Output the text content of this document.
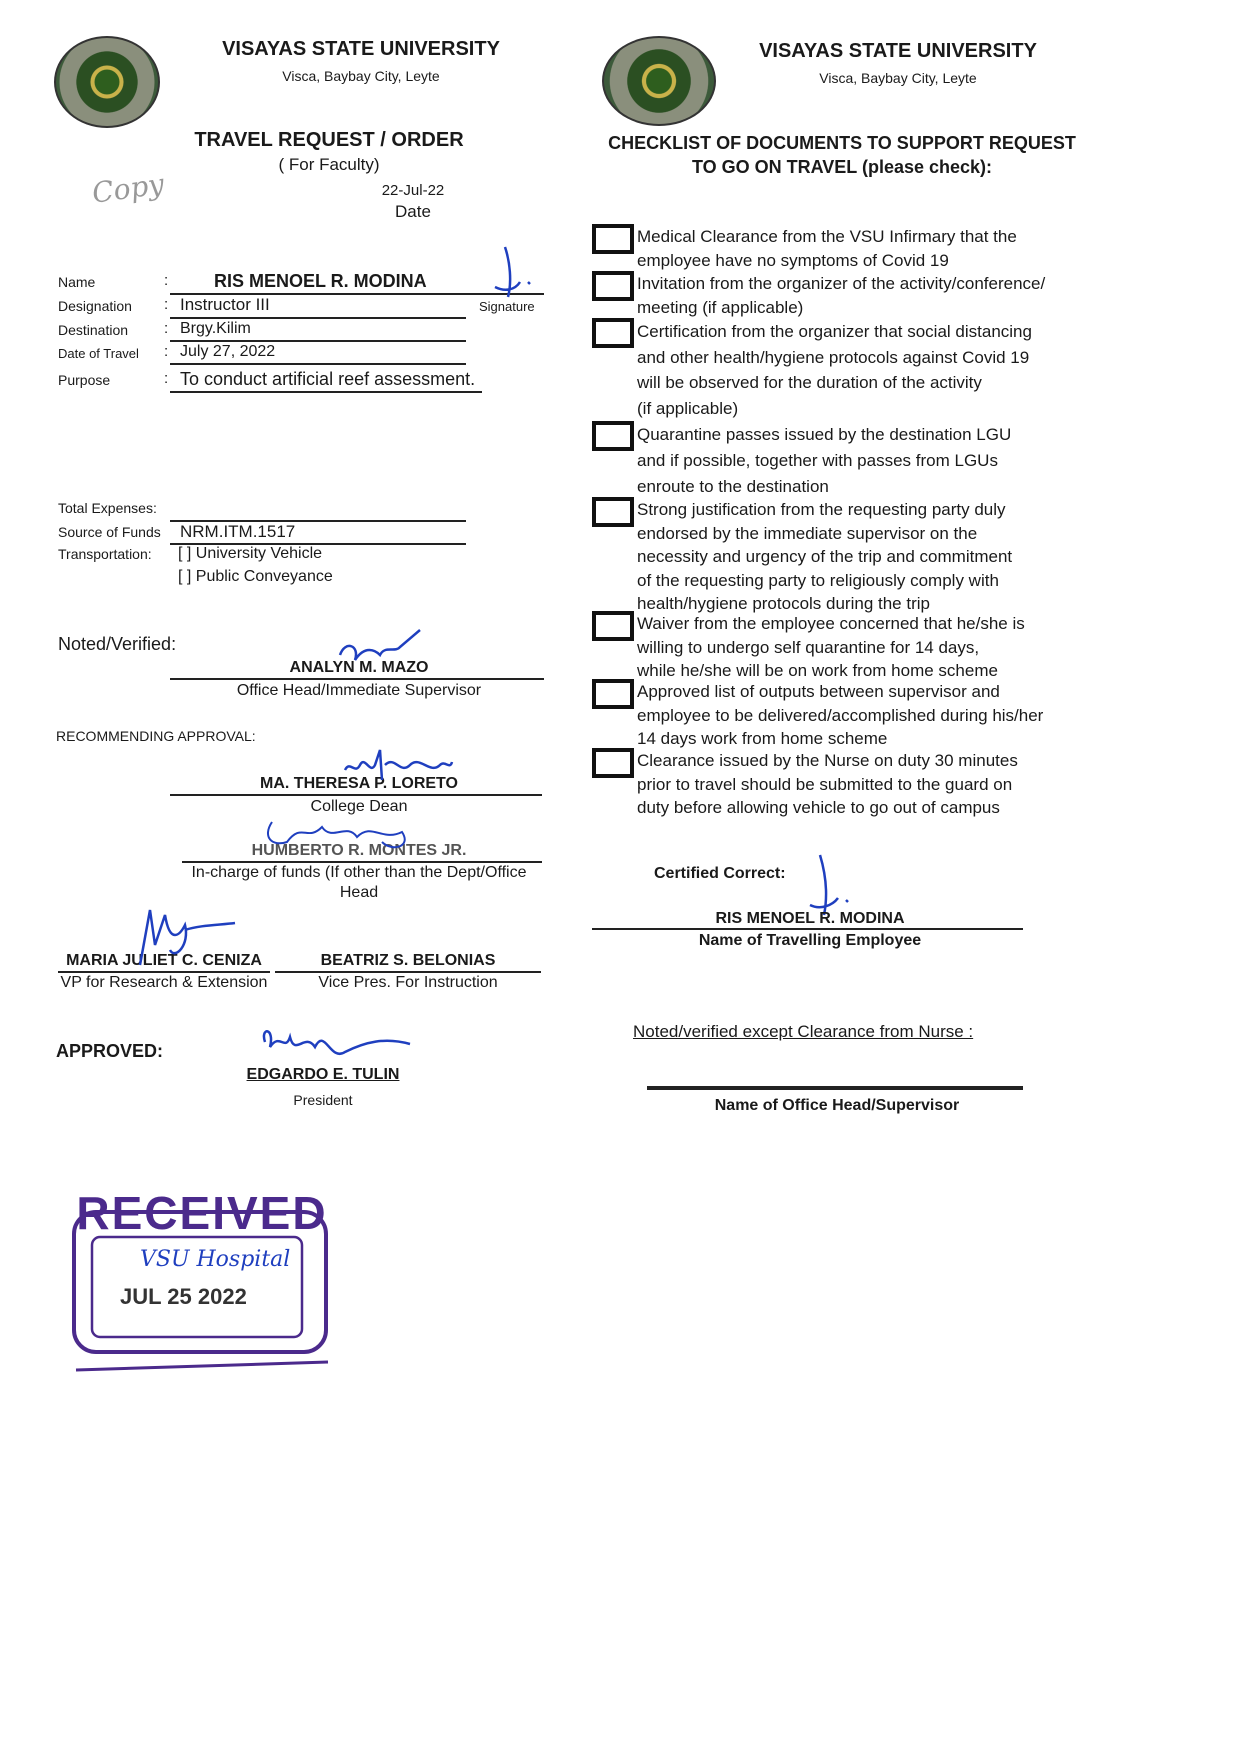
VISAYAS STATE UNIVERSITY
Visca, Baybay City, Leyte
TRAVEL REQUEST / ORDER
( For Faculty)
22-Jul-22
Date
Copy
Name	:	RIS MENOEL R. MODINA
Signature
Designation : Instructor III
Destination : Brgy.Kilim
Date of Travel : July 27, 2022
Purpose	: To conduct artificial reef assessment.
Total Expenses:
Source of Funds NRM.ITM.1517
Transportation: [ ] University Vehicle
[ ] Public Conveyance
Noted/Verified:
ANALYN M. MAZO
Office Head/Immediate Supervisor
RECOMMENDING APPROVAL:
MA. THERESA P. LORETO
College Dean
HUMBERTO R. MONTES JR.
In-charge of funds (If other than the Dept/Office
Head
MARIA JULIET C. CENIZA
VP for Research & Extension
BEATRIZ S. BELONIAS
Vice Pres. For Instruction
APPROVED:
EDGARDO E. TULIN
President
RECEIVED
VSU Hospital
JUL 25 2022
VISAYAS STATE UNIVERSITY
Visca, Baybay City, Leyte
CHECKLIST OF DOCUMENTS TO SUPPORT REQUEST
TO GO ON TRAVEL (please check):
Medical Clearance from the VSU Infirmary that the
employee have no symptoms of Covid 19
Invitation from the organizer of the activity/conference/
meeting (if applicable)
Certification from the organizer that social distancing
and other health/hygiene protocols against Covid 19
will be observed for the duration of the activity
(if applicable)
Quarantine passes issued by the destination LGU
and if possible, together with passes from LGUs
enroute to the destination
Strong justification from the requesting party duly
endorsed by the immediate supervisor on the
necessity and urgency of the trip and commitment
of the requesting party to religiously comply with
health/hygiene protocols during the trip
Waiver from the employee concerned that he/she is
willing to undergo self quarantine for 14 days,
while he/she will be on work from home scheme
Approved list of outputs between supervisor and
employee to be delivered/accomplished during his/her
14 days work from home scheme
Clearance issued by the Nurse on duty 30 minutes
prior to travel should be submitted to the guard on
duty before allowing vehicle to go out of campus
Certified Correct:
RIS MENOEL R. MODINA
Name of Travelling Employee
Noted/verified except Clearance from Nurse :
Name of Office Head/Supervisor
